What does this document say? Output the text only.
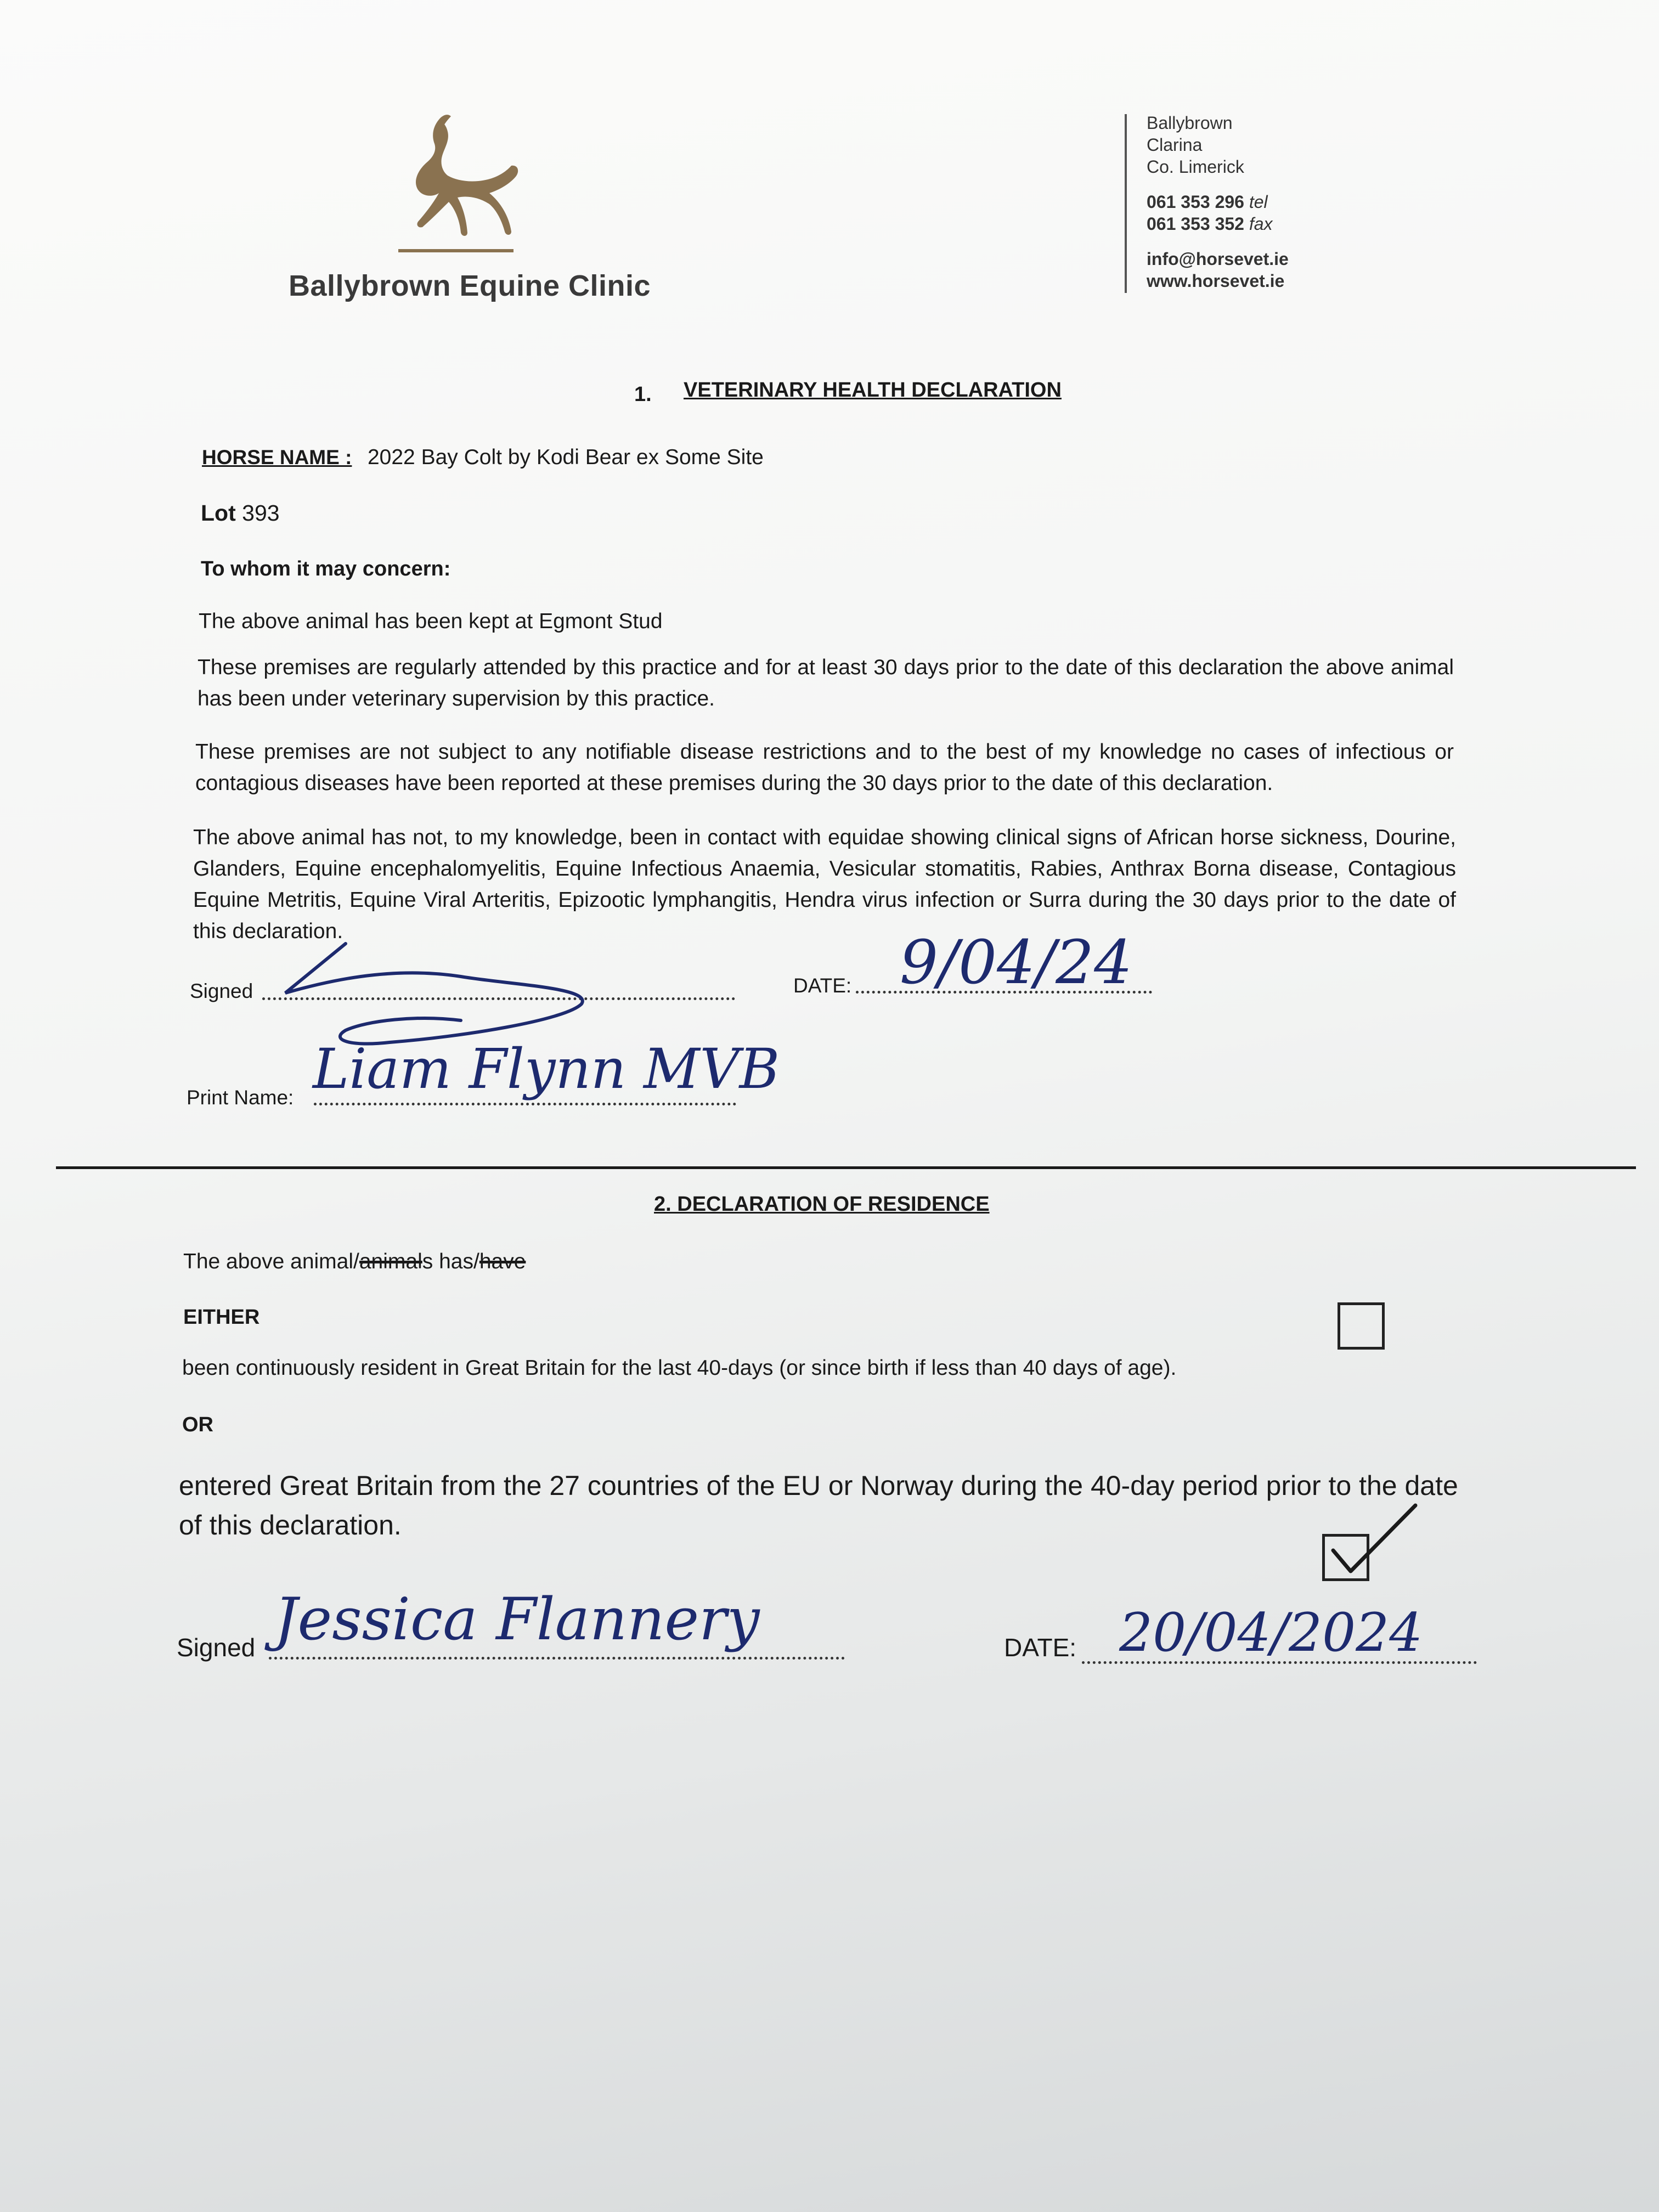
Ballybrown Equine Clinic
Ballybrown
Clarina
Co. Limerick
061 353 296 tel
061 353 352 fax
info@horsevet.ie
www.horsevet.ie
1. VETERINARY HEALTH DECLARATION
HORSE NAME : 2022 Bay Colt by Kodi Bear ex Some Site
Lot 393
To whom it may concern:
The above animal has been kept at Egmont Stud
These premises are regularly attended by this practice and for at least 30 days prior to the date of this declaration the above animal has been under veterinary supervision by this practice.
These premises are not subject to any notifiable disease restrictions and to the best of my knowledge no cases of infectious or contagious diseases have been reported at these premises during the 30 days prior to the date of this declaration.
The above animal has not, to my knowledge, been in contact with equidae showing clinical signs of African horse sickness, Dourine, Glanders, Equine encephalomyelitis, Equine Infectious Anaemia, Vesicular stomatitis, Rabies, Anthrax Borna disease, Contagious Equine Metritis, Equine Viral Arteritis, Epizootic lymphangitis, Hendra virus infection or Surra during the 30 days prior to the date of this declaration.
Signed	DATE: 9/04/24
Print Name: Liam Flynn MVB
2. DECLARATION OF RESIDENCE
The above animal/animals has/have
EITHER
been continuously resident in Great Britain for the last 40-days (or since birth if less than 40 days of age).
OR
entered Great Britain from the 27 countries of the EU or Norway during the 40-day period prior to the date of this declaration.
Signed Jessica Flannery	DATE: 20/04/2024
